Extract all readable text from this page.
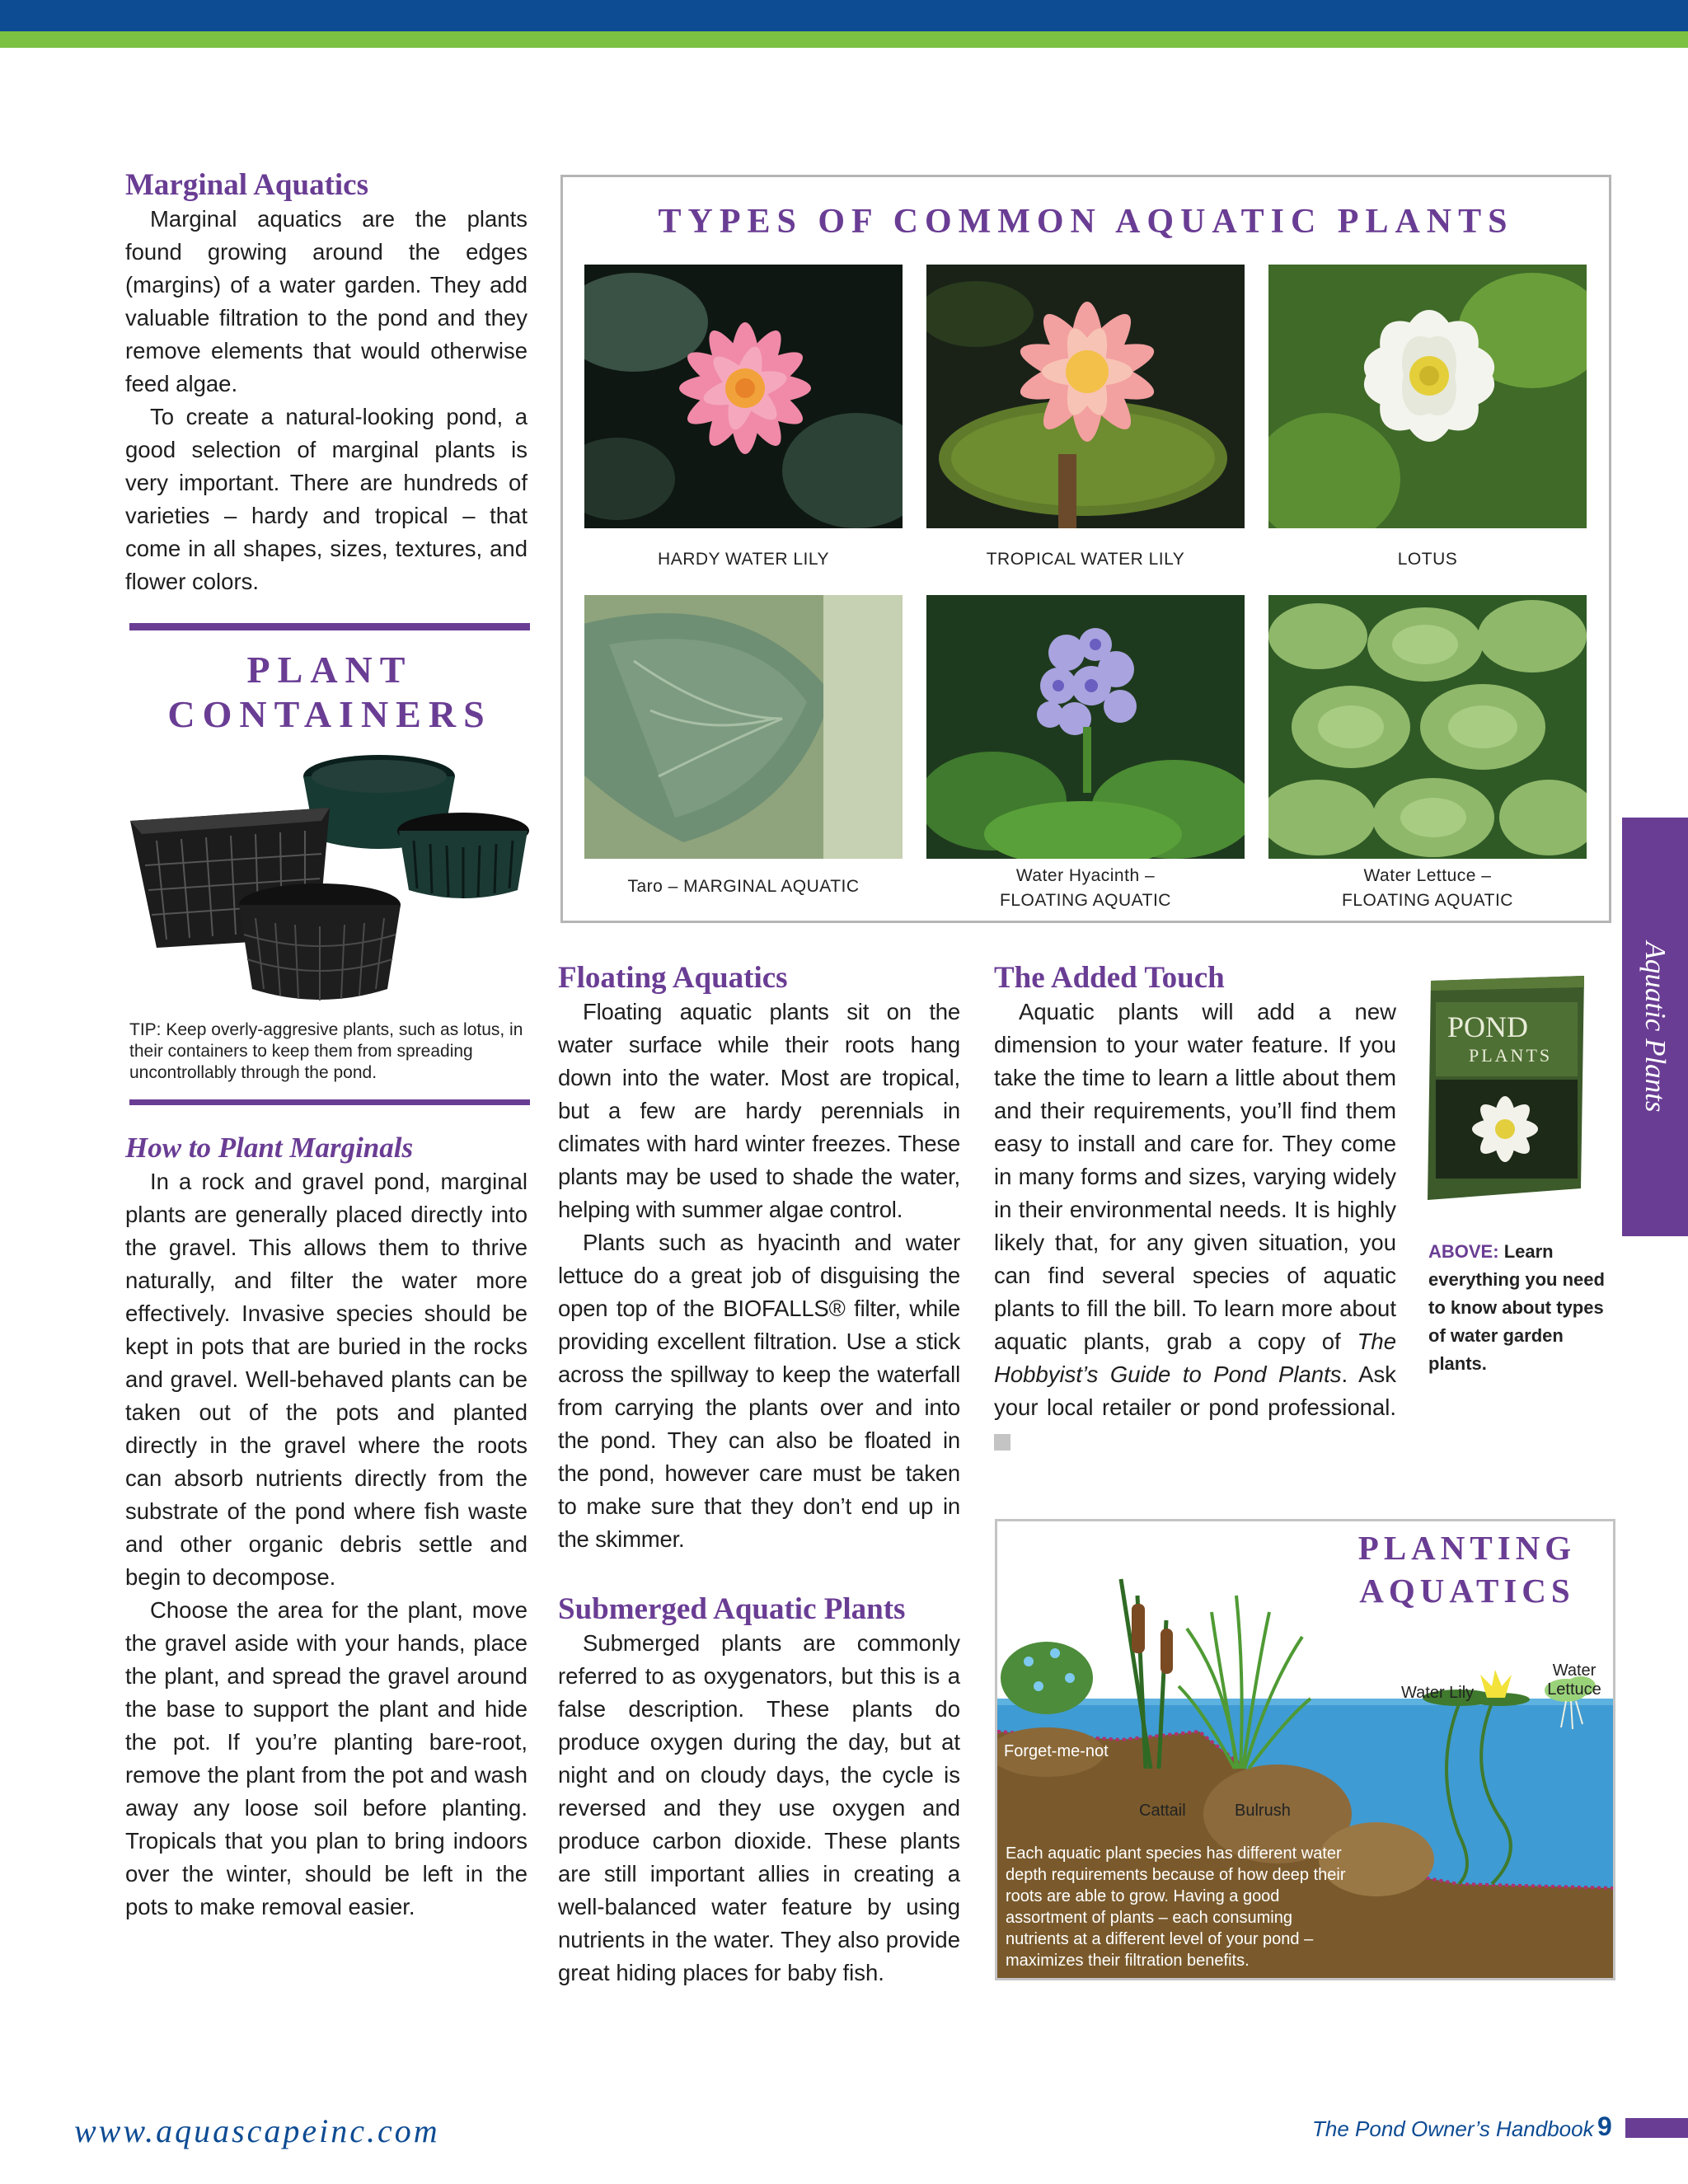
Marginal Aquatics

Marginal aquatics are the plants found growing around the edges (margins) of a water garden. They add valuable filtration to the pond and they remove elements that would otherwise feed algae.

To create a natural-looking pond, a good selection of marginal plants is very important. There are hundreds of varieties – hardy and tropical – that come in all shapes, sizes, textures, and flower colors.

PLANT
CONTAINERS
TIP: Keep overly-aggresive plants, such as lotus, in their containers to keep them from spreading uncontrollably through the pond.
How to Plant Marginals

In a rock and gravel pond, marginal plants are generally placed directly into the gravel. This allows them to thrive naturally, and filter the water more effectively. Invasive species should be kept in pots that are buried in the rocks and gravel. Well-behaved plants can be taken out of the pots and planted directly in the gravel where the roots can absorb nutrients directly from the substrate of the pond where fish waste and other organic debris settle and begin to decompose.

Choose the area for the plant, move the gravel aside with your hands, place the plant, and spread the gravel around the base to support the plant and hide the pot. If you’re planting bare-root, remove the plant from the pot and wash away any loose soil before planting. Tropicals that you plan to bring indoors over the winter, should be left in the pots to make removal easier.

TYPES OF COMMON AQUATIC PLANTS
HARDY WATER LILY	TROPICAL WATER LILY	LOTUS
Taro – MARGINAL AQUATIC
Water Hyacinth –
FLOATING AQUATIC
Water Lettuce –
FLOATING AQUATIC
Floating Aquatics

Floating aquatic plants sit on the water surface while their roots hang down into the water. Most are tropical, but a few are hardy perennials in climates with hard winter freezes. These plants may be used to shade the water, helping with summer algae control.

Plants such as hyacinth and water lettuce do a great job of disguising the open top of the BIOFALLS® filter, while providing excellent filtration. Use a stick across the spillway to keep the waterfall from carrying the plants over and into the pond. They can also be floated in the pond, however care must be taken to make sure that they don’t end up in the skimmer.

Submerged Aquatic Plants

Submerged plants are commonly referred to as oxygenators, but this is a false description. These plants do produce oxygen during the day, but at night and on cloudy days, the cycle is reversed and they use oxygen and produce carbon dioxide. These plants are still important allies in creating a well-balanced water feature by using nutrients in the water. They also provide great hiding places for baby fish.

The Added Touch

Aquatic plants will add a new dimension to your water feature. If you take the time to learn a little about them and their requirements, you’ll find them easy to install and care for. They come in many forms and sizes, varying widely in their environmental needs. It is highly likely that, for any given situation, you can find several species of aquatic plants to fill the bill. To learn more about aquatic plants, grab a copy of The Hobbyist’s Guide to Pond Plants. Ask your local retailer or pond professional.

POND
PLANTS
ABOVE: Learn everything you need to know about types of water garden plants.
Aquatic Plants
PLANTING
AQUATICS
Water Lily
Water
Lettuce
Forget-me-not
Cattail	Bulrush
Each aquatic plant species has different water depth requirements because of how deep their roots are able to grow. Having a good assortment of plants – each consuming nutrients at a different level of your pond – maximizes their filtration benefits.
www.aquascapeinc.com	The Pond Owner’s Handbook 9
